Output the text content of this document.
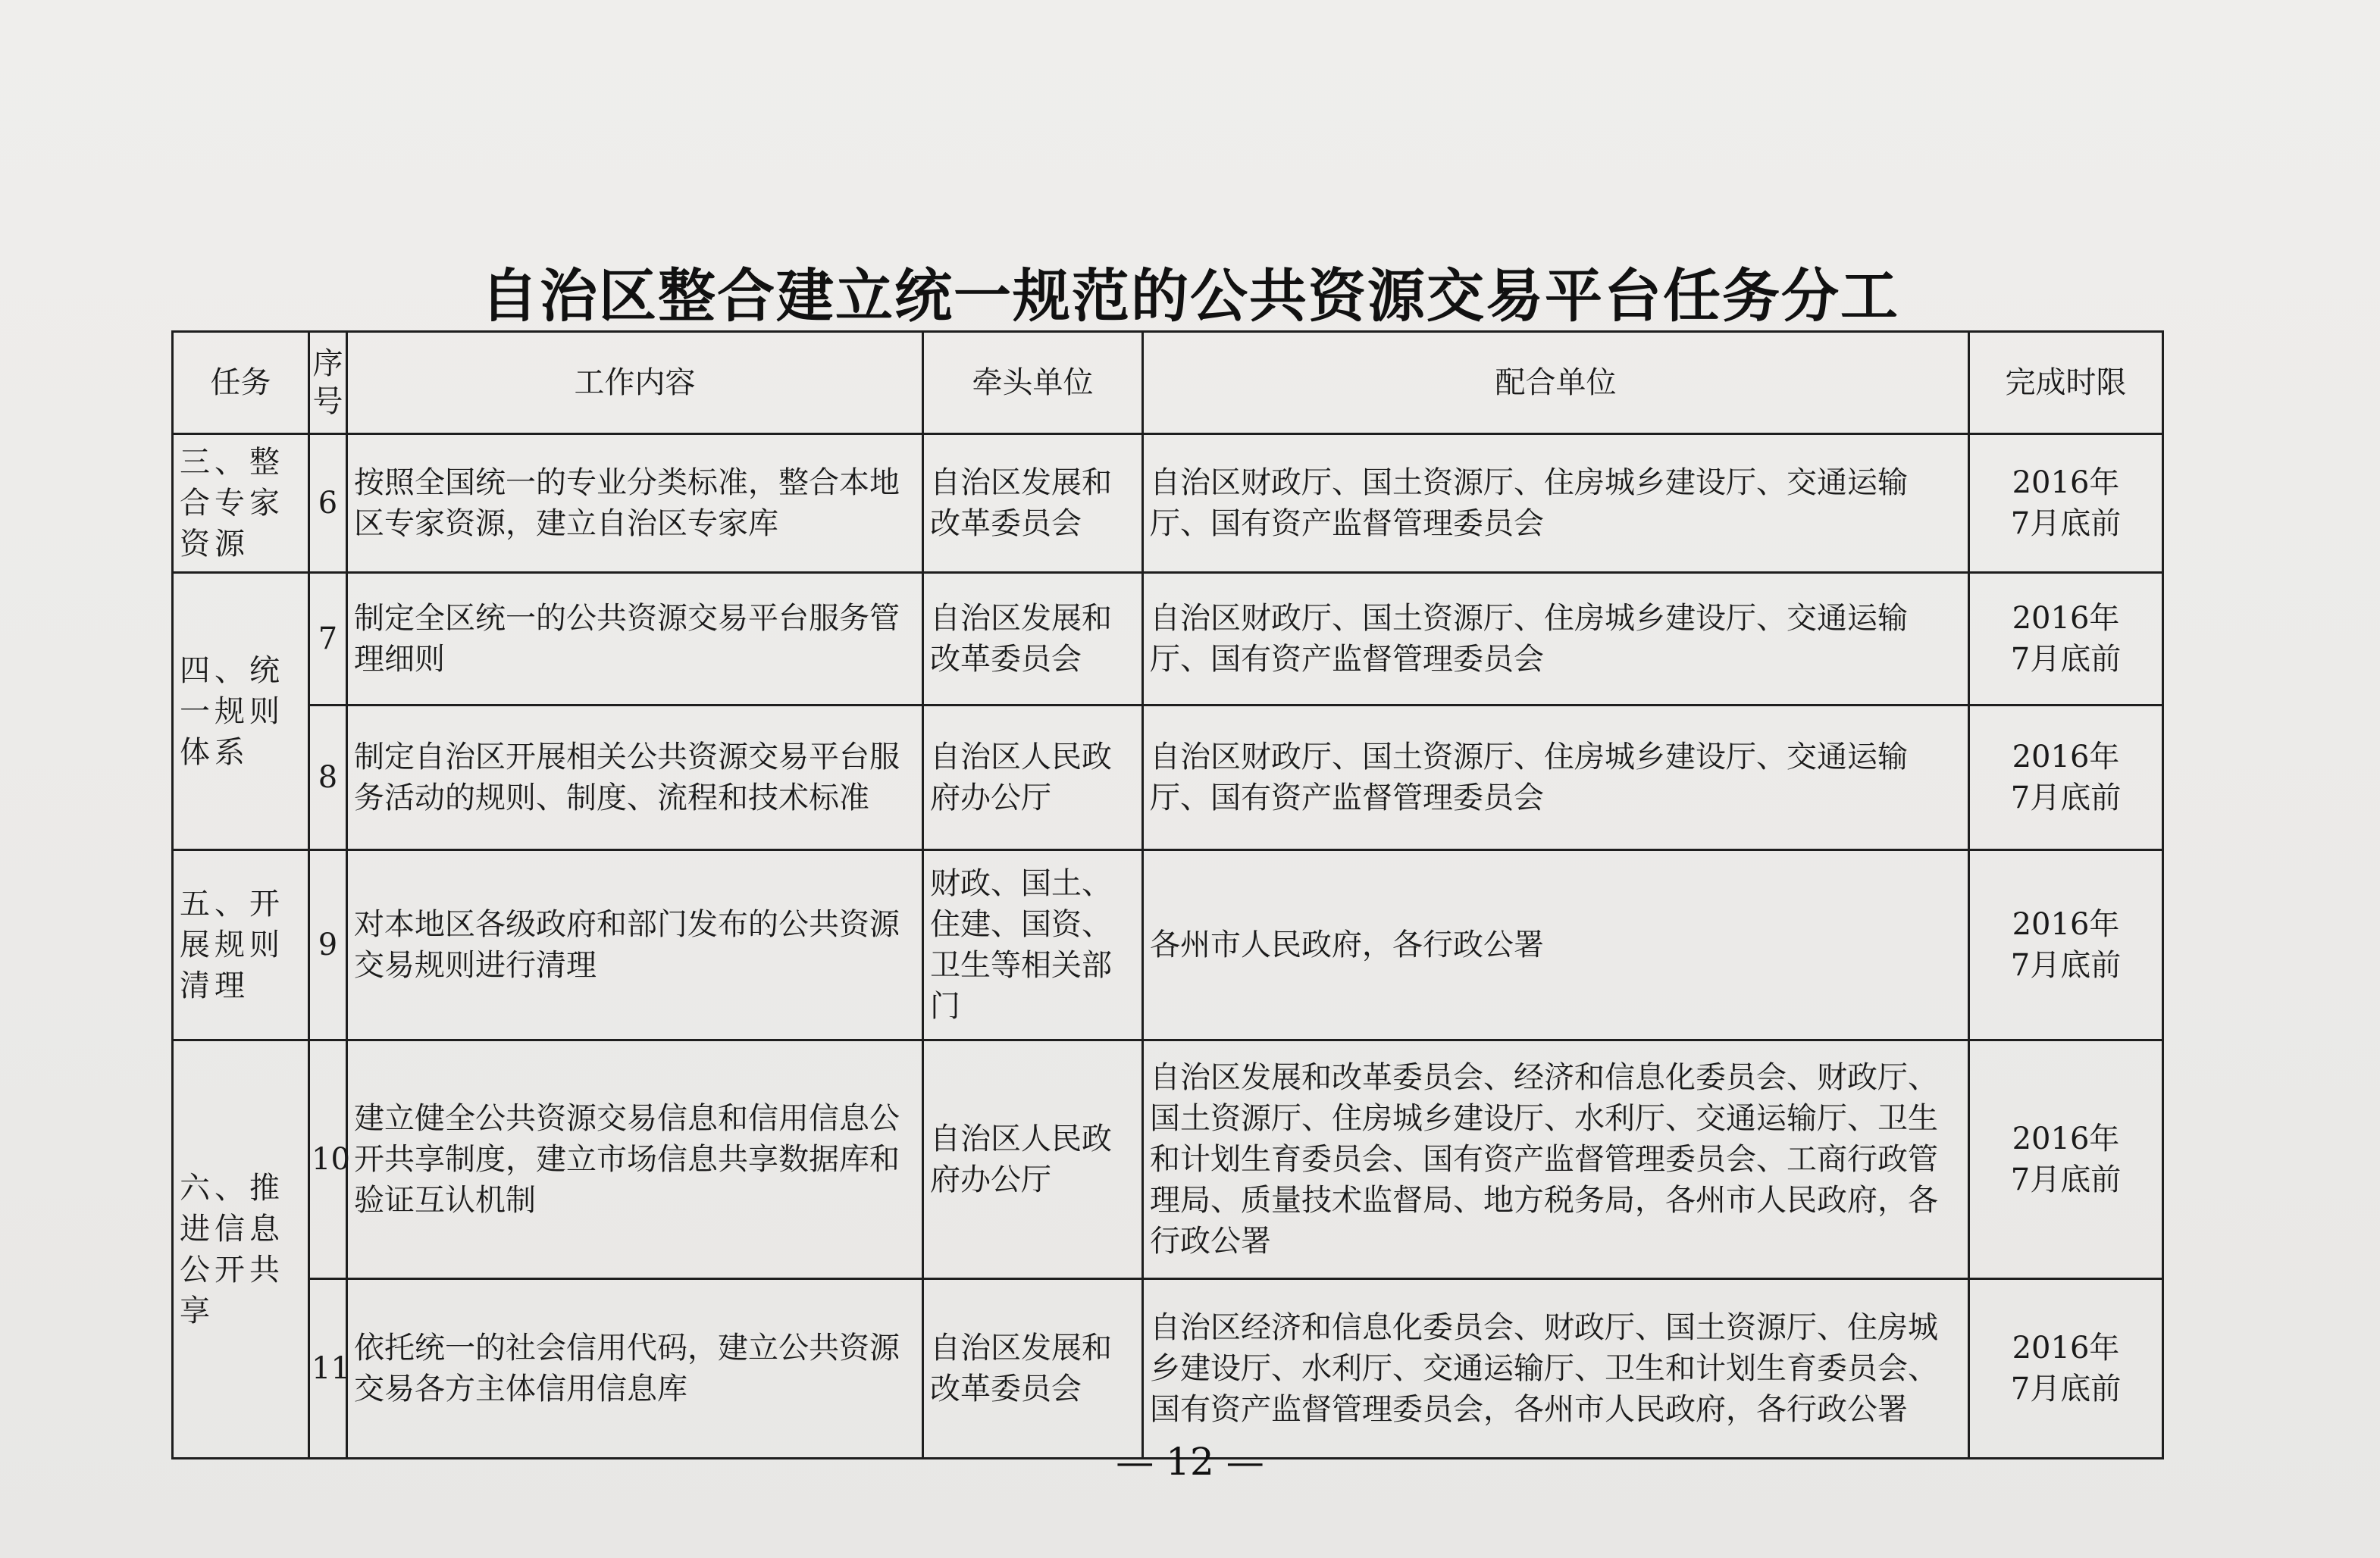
自治区整合建立统一规范的公共资源交易平台任务分工
任务	序号	工作内容	牵头单位	配合单位	完成时限
三、整合专家资源	6	按照全国统一的专业分类标准，整合本地区专家资源，建立自治区专家库	自治区发展和改革委员会	自治区财政厅、国土资源厅、住房城乡建设厅、交通运输厅、国有资产监督管理委员会	2016年
7月底前

四、统一规则体系	7	制定全区统一的公共资源交易平台服务管理细则	自治区发展和改革委员会	自治区财政厅、国土资源厅、住房城乡建设厅、交通运输厅、国有资产监督管理委员会	2016年
7月底前

	8	制定自治区开展相关公共资源交易平台服务活动的规则、制度、流程和技术标准	自治区人民政府办公厅	自治区财政厅、国土资源厅、住房城乡建设厅、交通运输厅、国有资产监督管理委员会	2016年
7月底前

五、开展规则清理	9	对本地区各级政府和部门发布的公共资源交易规则进行清理	财政、国土、住建、国资、卫生等相关部门	各州市人民政府，各行政公署	2016年
7月底前

六、推进信息公开共享	10	建立健全公共资源交易信息和信用信息公开共享制度，建立市场信息共享数据库和验证互认机制	自治区人民政府办公厅	自治区发展和改革委员会、经济和信息化委员会、财政厅、国土资源厅、住房城乡建设厅、水利厅、交通运输厅、卫生和计划生育委员会、国有资产监督管理委员会、工商行政管理局、质量技术监督局、地方税务局，各州市人民政府，各行政公署	2016年
7月底前

	11	依托统一的社会信用代码，建立公共资源交易各方主体信用信息库	自治区发展和改革委员会	自治区经济和信息化委员会、财政厅、国土资源厅、住房城乡建设厅、水利厅、交通运输厅、卫生和计划生育委员会、国有资产监督管理委员会，各州市人民政府，各行政公署	2016年
7月底前
— 12 —
